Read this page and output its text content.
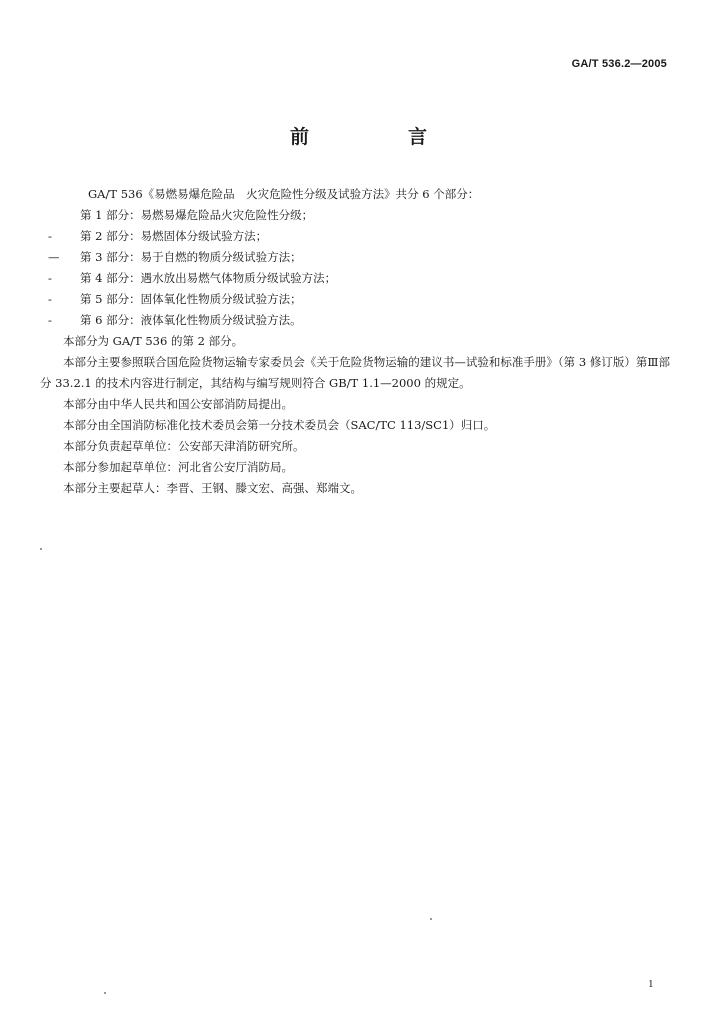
GA/T 536.2—2005
前　言

GA/T 536《易燃易爆危险品　火灾危险性分级及试验方法》共分 6 个部分：

第 1 部分：易燃易爆危险品火灾危险性分级；
-	第 2 部分：易燃固体分级试验方法；
—	第 3 部分：易于自燃的物质分级试验方法；
-	第 4 部分：遇水放出易燃气体物质分级试验方法；
-	第 5 部分：固体氧化性物质分级试验方法；
-	第 6 部分：液体氧化性物质分级试验方法。

本部分为 GA/T 536 的第 2 部分。

本部分主要参照联合国危险货物运输专家委员会《关于危险货物运输的建议书—试验和标准手册》（第 3 修订版）第Ⅲ部分 33.2.1 的技术内容进行制定，其结构与编写规则符合 GB/T 1.1—2000 的规定。

本部分由中华人民共和国公安部消防局提出。

本部分由全国消防标准化技术委员会第一分技术委员会（SAC/TC 113/SC1）归口。

本部分负责起草单位：公安部天津消防研究所。

本部分参加起草单位：河北省公安厅消防局。

本部分主要起草人：李晋、王钢、滕文宏、高强、郑端文。

1
